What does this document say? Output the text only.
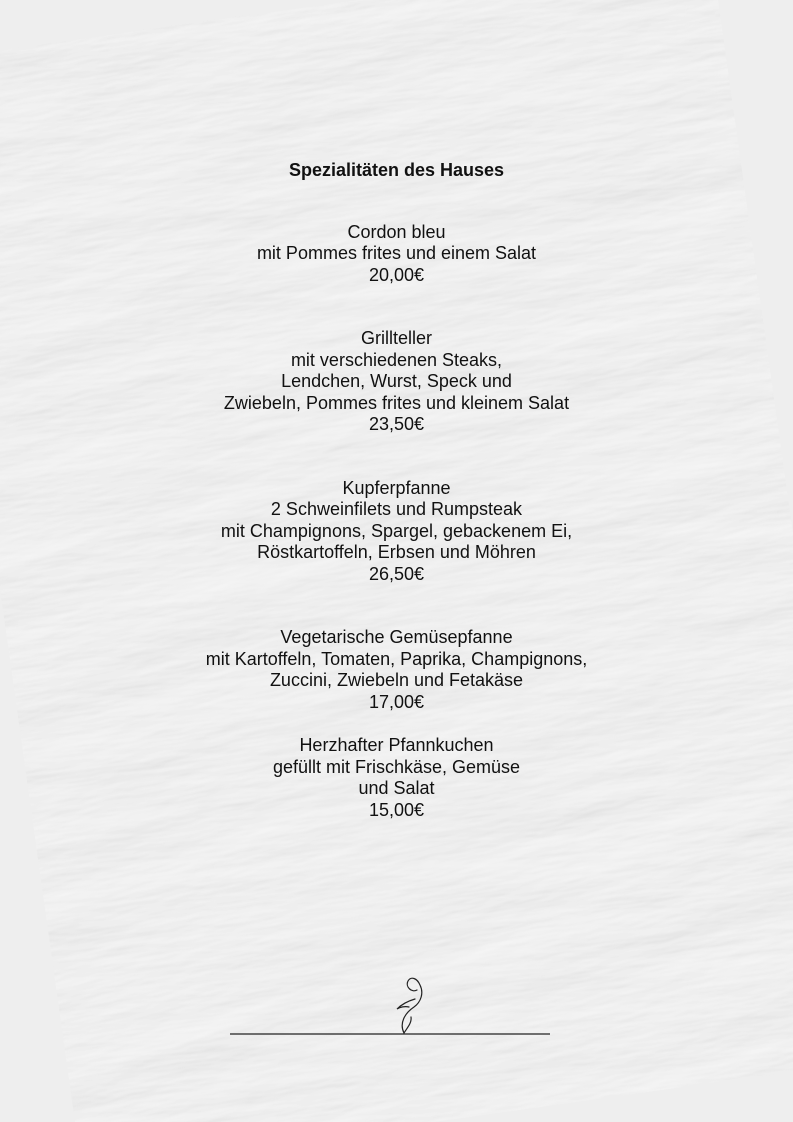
Spezialitäten des Hauses
Cordon bleu
mit Pommes frites und einem Salat
20,00€
Grillteller
mit verschiedenen Steaks,
Lendchen, Wurst, Speck und
Zwiebeln, Pommes frites und kleinem Salat
23,50€
Kupferpfanne
2 Schweinfilets und Rumpsteak
mit Champignons, Spargel, gebackenem Ei,
Röstkartoffeln, Erbsen und Möhren
26,50€
Vegetarische Gemüsepfanne
mit Kartoffeln, Tomaten, Paprika, Champignons,
Zuccini, Zwiebeln und Fetakäse
17,00€
Herzhafter Pfannkuchen
gefüllt mit Frischkäse, Gemüse
und Salat
15,00€
